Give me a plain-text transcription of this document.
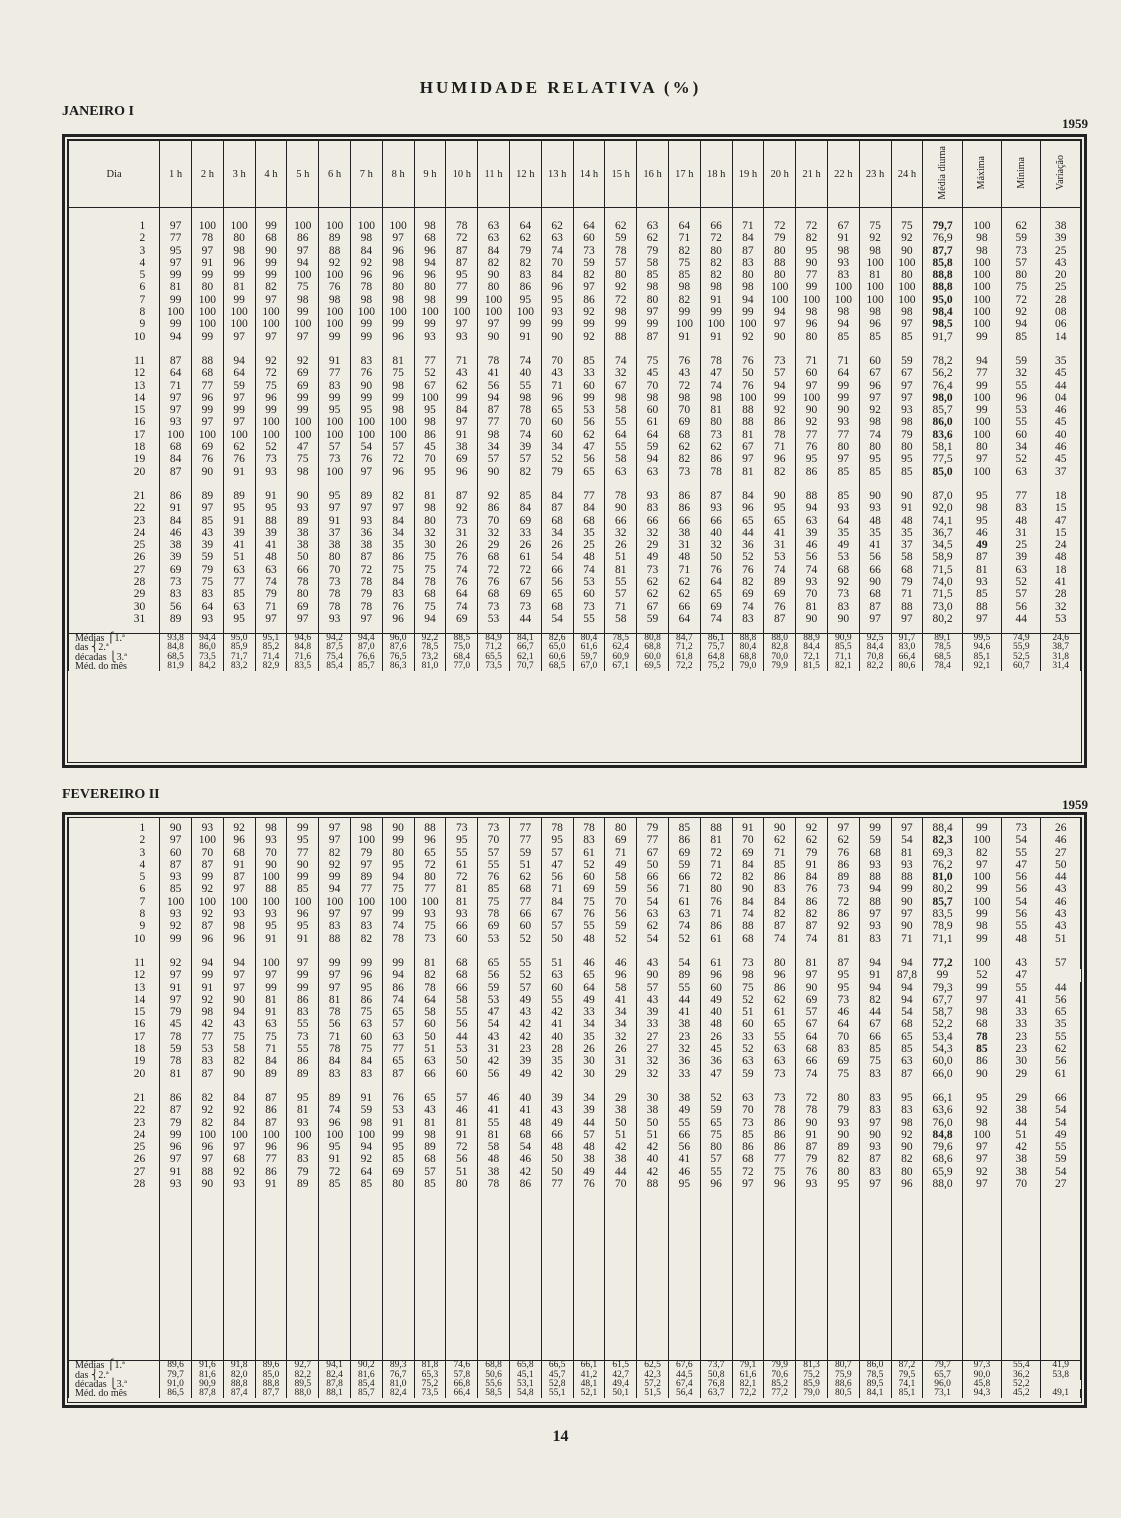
HUMIDADE RELATIVA (%)
JANEIRO I
1959
Dia	1 h	2 h	3 h	4 h	5 h	6 h	7 h	8 h	9 h	10 h	11 h	12 h	13 h	14 h	15 h	16 h	17 h	18 h	19 h	20 h	21 h	22 h	23 h	24 h	Média diurna	Máxima	Mínima	Variação

1	97	100	100	99	100	100	100	100	98	78	63	64	62	64	62	63	64	66	71	72	72	67	75	75	79,7	100	62	38
2	77	78	80	68	86	89	98	97	68	72	63	62	63	60	59	62	71	72	84	79	82	91	92	92	76,9	98	59	39
3	95	97	98	90	97	88	84	96	96	87	84	79	74	73	78	79	82	80	87	80	95	98	98	90	87,7	98	73	25
4	97	91	96	99	94	92	92	98	94	87	82	82	70	59	57	58	75	82	83	88	90	93	100	100	85,8	100	57	43
5	99	99	99	99	100	100	96	96	96	95	90	83	84	82	80	85	85	82	80	80	77	83	81	80	88,8	100	80	20
6	81	80	81	82	75	76	78	80	80	77	80	86	96	97	92	98	98	98	98	100	99	100	100	100	88,8	100	75	25
7	99	100	99	97	98	98	98	98	98	99	100	95	95	86	72	80	82	91	94	100	100	100	100	100	95,0	100	72	28
8	100	100	100	100	99	100	100	100	100	100	100	100	93	92	98	97	99	99	99	94	98	98	98	98	98,4	100	92	08
9	99	100	100	100	100	100	99	99	99	97	97	99	99	99	99	99	100	100	100	97	96	94	96	97	98,5	100	94	06
10	94	99	97	97	97	99	99	96	93	93	90	91	90	92	88	87	91	91	92	90	80	85	85	85	91,7	99	85	14

11	87	88	94	92	92	91	83	81	77	71	78	74	70	85	74	75	76	78	76	73	71	71	60	59	78,2	94	59	35
12	64	68	64	72	69	77	76	75	52	43	41	40	43	33	32	45	43	47	50	57	60	64	67	67	56,2	77	32	45
13	71	77	59	75	69	83	90	98	67	62	56	55	71	60	67	70	72	74	76	94	97	99	96	97	76,4	99	55	44
14	97	96	97	96	99	99	99	99	100	99	94	98	96	99	98	98	98	98	100	99	100	99	97	97	98,0	100	96	04
15	97	99	99	99	99	95	95	98	95	84	87	78	65	53	58	60	70	81	88	92	90	90	92	93	85,7	99	53	46
16	93	97	97	100	100	100	100	100	98	97	77	70	60	56	55	61	69	80	88	86	92	93	98	98	86,0	100	55	45
17	100	100	100	100	100	100	100	100	86	91	98	74	60	62	64	64	68	73	81	78	77	77	74	79	83,6	100	60	40
18	68	69	62	52	47	57	54	57	45	38	34	39	34	47	55	59	62	62	67	71	76	80	80	80	58,1	80	34	46
19	84	76	76	73	75	73	76	72	70	69	57	57	52	56	58	94	82	86	97	96	95	97	95	95	77,5	97	52	45
20	87	90	91	93	98	100	97	96	95	96	90	82	79	65	63	63	73	78	81	82	86	85	85	85	85,0	100	63	37

21	86	89	89	91	90	95	89	82	81	87	92	85	84	77	78	93	86	87	84	90	88	85	90	90	87,0	95	77	18
22	91	97	95	95	93	97	97	97	98	92	86	84	87	84	90	83	86	93	96	95	94	93	93	91	92,0	98	83	15
23	84	85	91	88	89	91	93	84	80	73	70	69	68	68	66	66	66	66	65	65	63	64	48	48	74,1	95	48	47
24	46	43	39	39	38	37	36	34	32	31	32	33	34	35	32	32	38	40	44	41	39	35	35	35	36,7	46	31	15
25	38	39	41	41	38	38	38	35	30	26	29	26	26	25	26	29	31	32	36	31	46	49	41	37	34,5	49	25	24
26	39	59	51	48	50	80	87	86	75	76	68	61	54	48	51	49	48	50	52	53	56	53	56	58	58,9	87	39	48
27	69	79	63	63	66	70	72	75	75	74	72	72	66	74	81	73	71	76	76	74	74	68	66	68	71,5	81	63	18
28	73	75	77	74	78	73	78	84	78	76	76	67	56	53	55	62	62	64	82	89	93	92	90	79	74,0	93	52	41
29	83	83	85	79	80	78	79	83	68	64	68	69	65	60	57	62	62	65	69	69	70	73	68	71	71,5	85	57	28
30	56	64	63	71	69	78	78	76	75	74	73	73	68	73	71	67	66	69	74	76	81	83	87	88	73,0	88	56	32
31	89	93	95	97	97	93	97	96	94	69	53	44	54	55	58	59	64	74	83	87	90	90	97	97	80,2	97	44	53

Médias ⎧1.ª	93,8	94,4	95,0	95,1	94,6	94,2	94,4	96,0	92,2	88,5	84,9	84,1	82,6	80,4	78,5	80,8	84,7	86,1	88,8	88,0	88,9	90,9	92,5	91,7	89,1	99,5	74,9	24,6
das ⎨2.ª	84,8	86,0	85,9	85,2	84,8	87,5	87,0	87,6	78,5	75,0	71,2	66,7	65,0	61,6	62,4	68,8	71,2	75,7	80,4	82,8	84,4	85,5	84,4	83,0	78,5	94,6	55,9	38,7
décadas ⎩3.ª	68,5	73,5	71,7	71,4	71,6	75,4	76,6	76,5	73,2	68,4	65,5	62,1	60,6	59,7	60,9	60,0	61,8	64,8	68,8	70,0	72,1	71,1	70,8	66,4	68,5	85,1	52,5	31,8
Méd. do mês	81,9	84,2	83,2	82,9	83,5	85,4	85,7	86,3	81,0	77,0	73,5	70,7	68,5	67,0	67,1	69,5	72,2	75,2	79,0	79,9	81,5	82,1	82,2	80,6	78,4	92,1	60,7	31,4
FEVEREIRO II
1959

1	90	93	92	98	99	97	98	90	88	73	73	77	78	78	80	79	85	88	91	90	92	97	99	97	88,4	99	73	26
2	97	100	96	93	95	97	100	99	96	95	70	77	95	83	69	77	86	81	70	62	62	62	59	54	82,3	100	54	46
3	60	70	68	70	77	82	79	80	65	55	57	59	57	61	71	67	69	72	69	71	79	76	68	81	69,3	82	55	27
4	87	87	91	90	90	92	97	95	72	61	55	51	47	52	49	50	59	71	84	85	91	86	93	93	76,2	97	47	50
5	93	99	87	100	99	99	89	94	80	72	76	62	56	60	58	66	66	72	82	86	84	89	88	88	81,0	100	56	44
6	85	92	97	88	85	94	77	75	77	81	85	68	71	69	59	56	71	80	90	83	76	73	94	99	80,2	99	56	43
7	100	100	100	100	100	100	100	100	100	81	75	77	84	75	70	54	61	76	84	84	86	72	88	90	85,7	100	54	46
8	93	92	93	93	96	97	97	99	93	93	78	66	67	76	56	63	63	71	74	82	82	86	97	97	83,5	99	56	43
9	92	87	98	95	95	83	83	74	75	66	69	60	57	55	59	62	74	86	88	87	87	92	93	90	78,9	98	55	43
10	99	96	96	91	91	88	82	78	73	60	53	52	50	48	52	54	52	61	68	74	74	81	83	71	71,1	99	48	51

11	92	94	94	100	97	99	99	99	81	68	65	55	51	46	46	43	54	61	73	80	81	87	94	94	77,2	100	43	57
12	97	99	97	97	99	97	96	94	82	68	56	52	63	65	96	90	89	96	98	96	97	95	91	87,8	99	52	47	
13	91	91	97	99	99	97	95	86	78	66	59	57	60	64	58	57	55	60	75	86	90	95	94	94	79,3	99	55	44
14	97	92	90	81	86	81	86	74	64	58	53	49	55	49	41	43	44	49	52	62	69	73	82	94	67,7	97	41	56
15	79	98	94	91	83	78	75	65	58	55	47	43	42	33	34	39	41	40	51	61	57	46	44	54	58,7	98	33	65
16	45	42	43	63	55	56	63	57	60	56	54	42	41	34	34	33	38	48	60	65	67	64	67	68	52,2	68	33	35
17	78	77	75	75	73	71	60	63	50	44	43	42	40	35	32	27	23	26	33	55	64	70	66	65	53,4	78	23	55
18	59	53	58	71	55	78	75	77	51	53	31	23	28	26	26	27	32	45	52	63	68	83	85	85	54,3	85	23	62
19	78	83	82	84	86	84	84	65	63	50	42	39	35	30	31	32	36	36	63	63	66	69	75	63	60,0	86	30	56
20	81	87	90	89	89	83	83	87	66	60	56	49	42	30	29	32	33	47	59	73	74	75	83	87	66,0	90	29	61

21	86	82	84	87	95	89	91	76	65	57	46	40	39	34	29	30	38	52	63	73	72	80	83	95	66,1	95	29	66
22	87	92	92	86	81	74	59	53	43	46	41	41	43	39	38	38	49	59	70	78	78	79	83	83	63,6	92	38	54
23	79	82	84	87	93	96	98	91	81	81	55	48	49	44	50	50	55	65	73	86	90	93	97	98	76,0	98	44	54
24	99	100	100	100	100	100	100	99	98	91	81	68	66	57	51	51	66	75	85	86	91	90	90	92	84,8	100	51	49
25	96	96	97	96	96	95	94	95	89	72	58	54	48	48	42	42	56	80	86	86	87	89	93	90	79,6	97	42	55
26	97	97	68	77	83	91	92	85	68	56	48	46	50	38	38	40	41	57	68	77	79	82	87	82	68,6	97	38	59
27	91	88	92	86	79	72	64	69	57	51	38	42	50	49	44	42	46	55	72	75	76	80	83	80	65,9	92	38	54
28	93	90	93	91	89	85	85	80	85	80	78	86	77	76	70	88	95	96	97	96	93	95	97	96	88,0	97	70	27

Médias ⎧1.ª	89,6	91,6	91,8	89,6	92,7	94,1	90,2	89,3	81,8	74,6	68,8	65,8	66,5	66,1	61,5	62,5	67,6	73,7	79,1	79,9	81,3	80,7	86,0	87,2	79,7	97,3	55,4	41,9
das ⎨2.ª	79,7	81,6	82,0	85,0	82,2	82,4	81,6	76,7	65,3	57,8	50,6	45,1	45,7	41,2	42,7	42,3	44,5	50,8	61,6	70,6	75,2	75,9	78,5	79,5	65,7	90,0	36,2	53,8
décadas ⎩3.ª	91,0	90,9	88,8	88,8	89,5	87,8	85,4	81,0	75,2	66,8	55,6	53,1	52,8	48,1	49,4	57,2	67,4	76,8	82,1	85,2	85,9	88,6	89,5	74,1	96,0	45,8	52,2	
Méd. do mês	86,5	87,8	87,4	87,7	88,0	88,1	85,7	82,4	73,5	66,4	58,5	54,8	55,1	52,1	50,1	51,5	56,4	63,7	72,2	77,2	79,0	80,5	84,1	85,1	73,1	94,3	45,2	49,1
14
